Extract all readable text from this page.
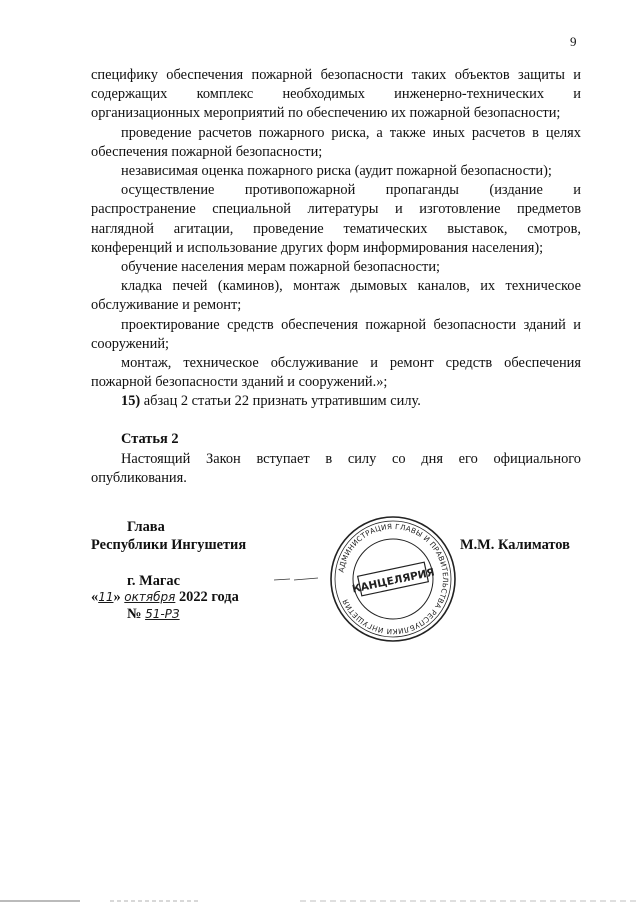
9

специфику обеспечения пожарной безопасности таких объектов защиты и содержащих комплекс необходимых инженерно-технических и организационных мероприятий по обеспечению их пожарной безопасности;

проведение расчетов пожарного риска, а также иных расчетов в целях обеспечения пожарной безопасности;

независимая оценка пожарного риска (аудит пожарной безопасности);

осуществление противопожарной пропаганды (издание и распространение специальной литературы и изготовление предметов наглядной агитации, проведение тематических выставок, смотров, конференций и использование других форм информирования населения);

обучение населения мерам пожарной безопасности;

кладка печей (каминов), монтаж дымовых каналов, их техническое обслуживание и ремонт;

проектирование средств обеспечения пожарной безопасности зданий и сооружений;

монтаж, техническое обслуживание и ремонт средств обеспечения пожарной безопасности зданий и сооружений.»;

15) абзац 2 статьи 22 признать утратившим силу.

Статья 2

Настоящий Закон вступает в силу со дня его официального опубликования.

Глава
Республики Ингушетия	М.М. Калиматов
АДМИНИСТРАЦИЯ ГЛАВЫ И ПРАВИТЕЛЬСТВА РЕСПУБЛИКИ ИНГУШЕТИЯ
КАНЦЕЛЯРИЯ
г. Магас
«11» октября 2022 года
№ 51-РЗ
